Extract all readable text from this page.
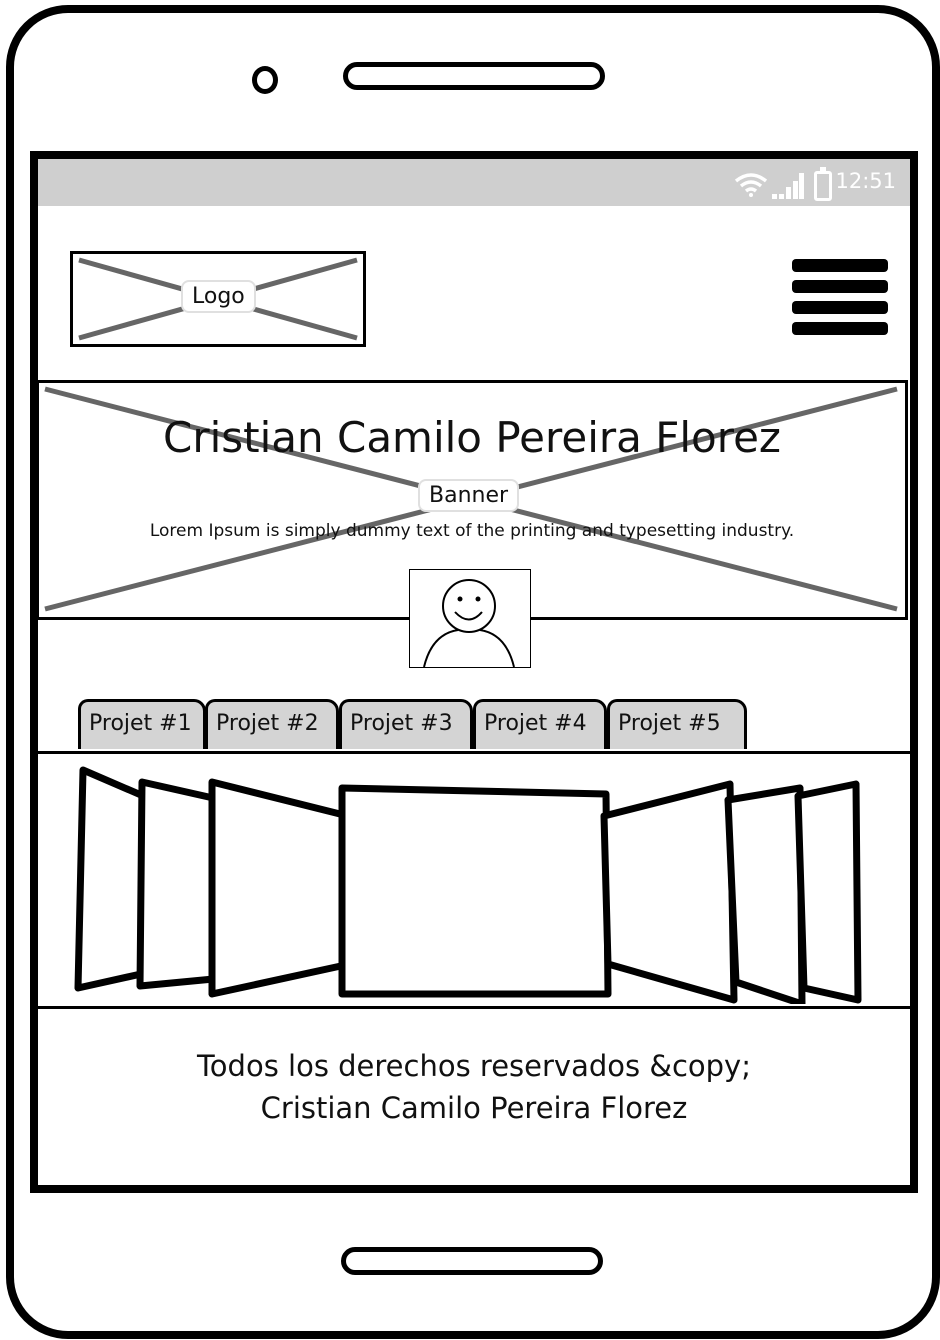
12:51
Logo
Cristian Camilo Pereira Florez
Banner
Lorem Ipsum is simply dummy text of the printing and typesetting industry.
Projet #1	Projet #2	Projet #3	Projet #4	Projet #5
Todos los derechos reservados &copy;
Cristian Camilo Pereira Florez
